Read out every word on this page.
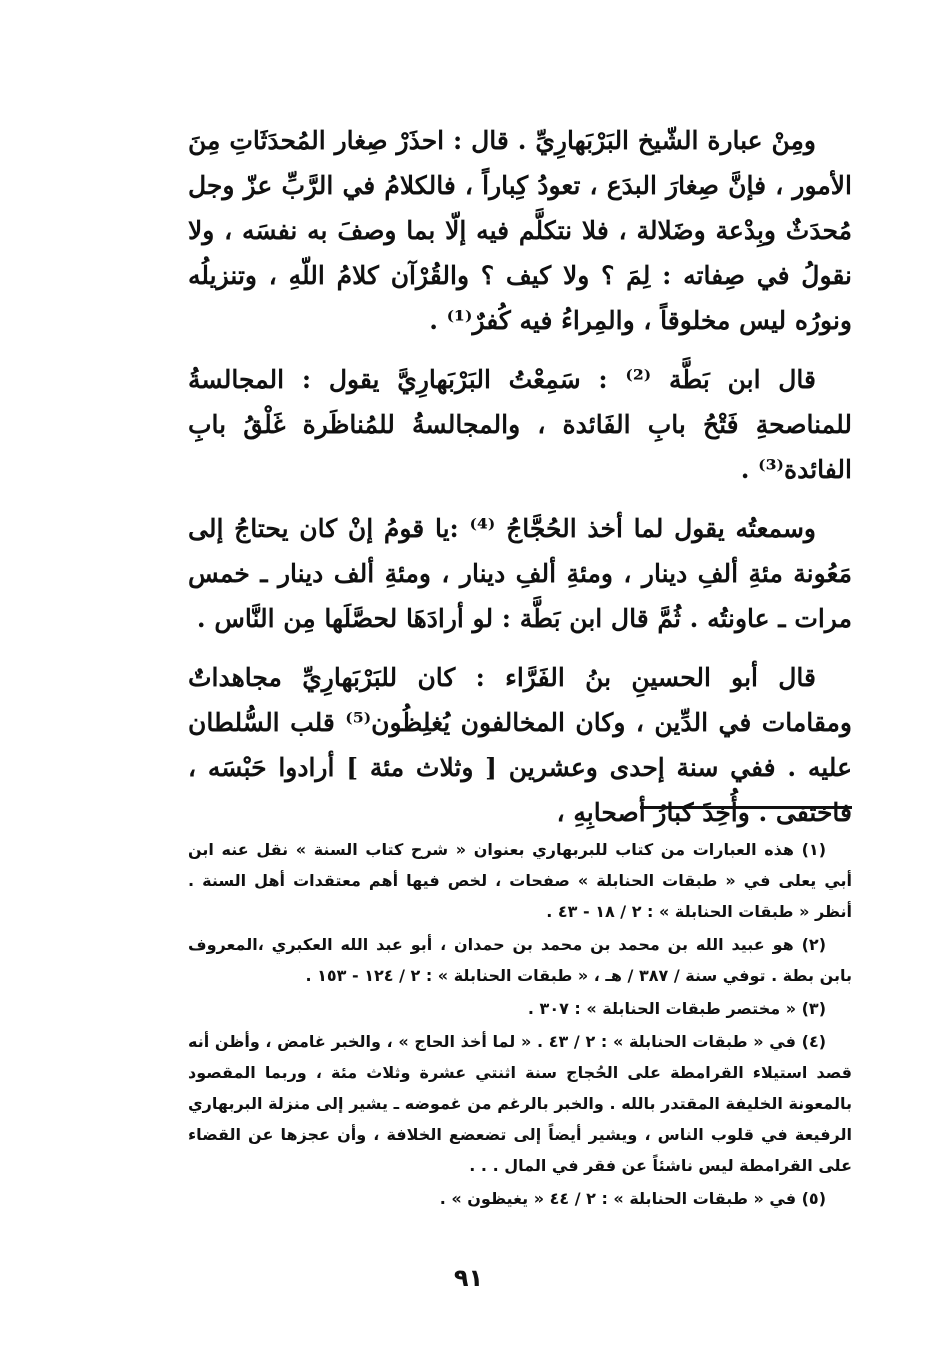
ومِنْ عبارة الشّيخ البَرْبَهارِيِّ . قال : احذَرْ صِغار المُحدَثَاتِ مِنَ الأمور ، فإنَّ صِغارَ البدَع ، تعودُ كِباراً ، فالكلامُ في الرَّبِّ عزّ وجل مُحدَثٌ وبِدْعة وضَلالة ، فلا نتكلَّم فيه إلّا بما وصفَ به نفسَه ، ولا نقولُ في صِفاته : لِمَ ؟ ولا كيف ؟ والقُرْآن كلامُ اللّهِ ، وتنزيلُه ونورُه ليس مخلوقاً ، والمِراءُ فيه كُفرٌ⁽¹⁾ .

قال ابن بَطَّة ⁽²⁾ : سَمِعْتُ البَرْبَهارِيَّ يقول : المجالسةُ للمناصحةِ فَتْحُ بابِ الفَائدة ، والمجالسةُ للمُناظَرة غَلْقُ بابِ الفائدة⁽³⁾ .

وسمعتُه يقول لما أخذ الحُجَّاجُ ⁽⁴⁾ :يا قومُ إنْ كان يحتاجُ إلى مَعُونة مئةِ ألفِ دينار ، ومئةِ ألفِ دينار ، ومئةِ ألف دينار ـ خمس مرات ـ عاونتُه . ثُمَّ قال ابن بَطَّة : لو أرادَهَا لحصَّلَها مِن النَّاس .

قال أبو الحسينِ بنُ الفَرَّاء : كان للبَرْبَهارِيِّ مجاهداتٌ ومقامات في الدِّين ، وكان المخالفون يُغلِظُون⁽⁵⁾ قلب السُّلطان عليه . ففي سنة إحدى وعشرين [ وثلاث مئة ] أرادوا حَبْسَه ، فاختفى . وأُخِذَ كبارُ أصحابِهِ ،

(١) هذه العبارات من كتاب للبربهاري بعنوان « شرح كتاب السنة » نقل عنه ابن أبي يعلى في « طبقات الحنابلة » صفحات ، لخص فيها أهم معتقدات أهل السنة . أنظر « طبقات الحنابلة » : ٢ / ١٨ - ٤٣ .

(٢) هو عبيد الله بن محمد بن محمد بن حمدان ، أبو عبد الله العكبري ،المعروف بابن بطة . توفي سنة / ٣٨٧ / هـ ، « طبقات الحنابلة » : ٢ / ١٢٤ - ١٥٣ .

(٣) « مختصر طبقات الحنابلة » : ٣٠٧ .

(٤) في « طبقات الحنابلة » : ٢ / ٤٣ . « لما أخذ الحاج » ، والخبر غامض ، وأظن أنه قصد استيلاء القرامطة على الحُجاج سنة اثنتي عشرة وثلاث مئة ، وربما المقصود بالمعونة الخليفة المقتدر بالله . والخبر بالرغم من غموضه ـ يشير إلى منزلة البربهاري الرفيعة في قلوب الناس ، ويشير أيضاً إلى تضعضع الخلافة ، وأن عجزها عن القضاء على القرامطة ليس ناشئاً عن فقر في المال . . .

(٥) في « طبقات الحنابلة » : ٢ / ٤٤ « يغيظون » .

٩١
